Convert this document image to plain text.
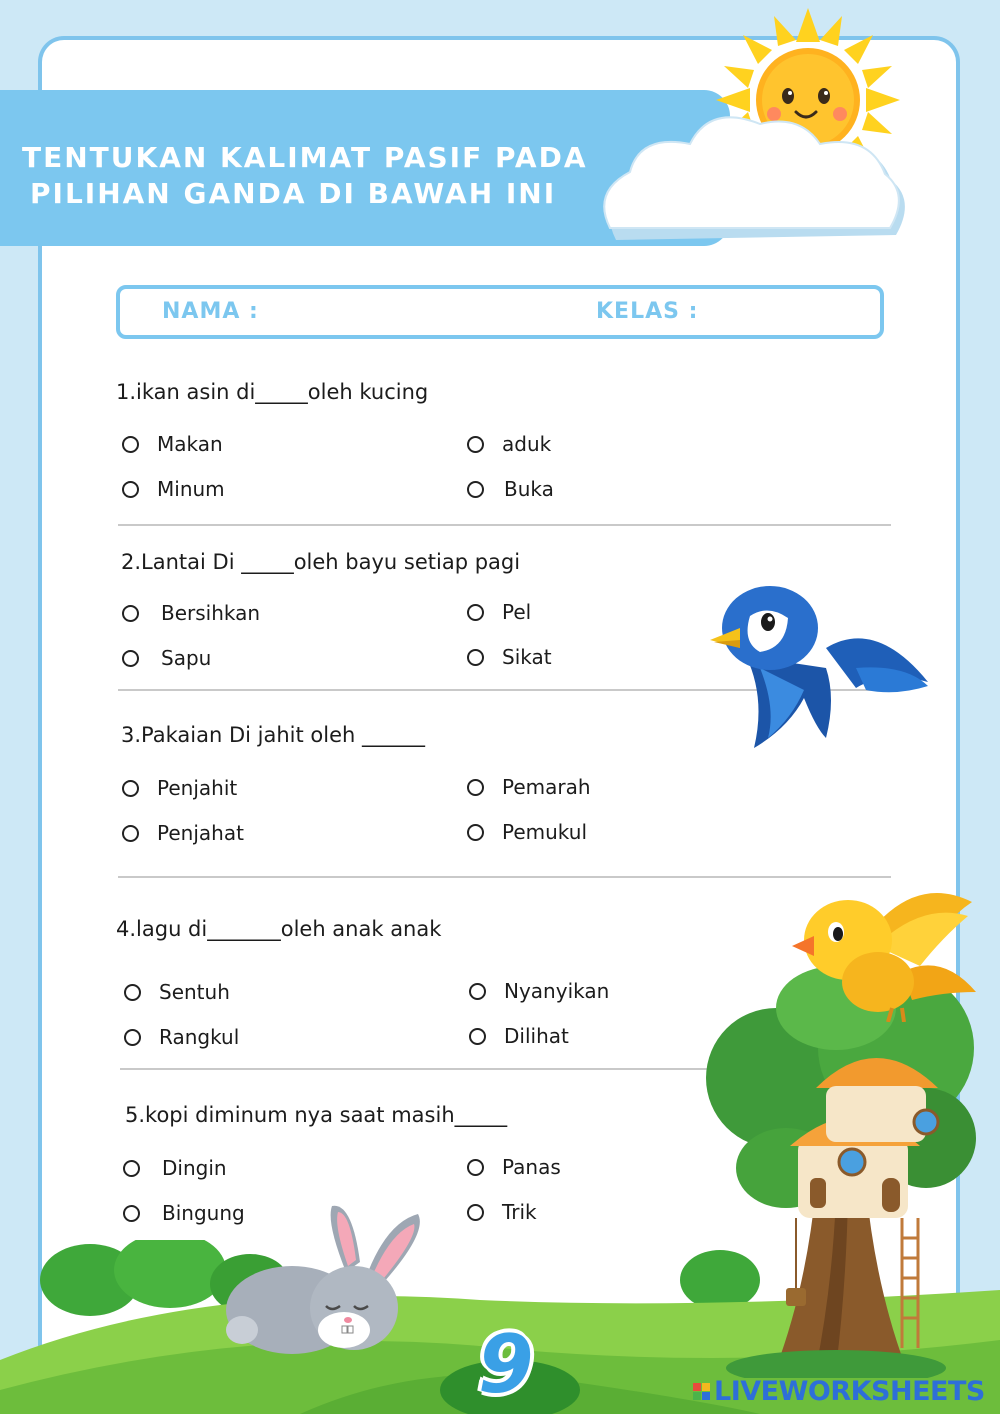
TENTUKAN KALIMAT PASIF PADA
PILIHAN GANDA DI BAWAH INI
NAMA :	KELAS :
1.ikan asin di_____oleh kucing
Makan	aduk
Minum	Buka
2.Lantai Di _____oleh bayu setiap pagi
Bersihkan	Pel
Sapu	Sikat
3.Pakaian Di jahit oleh ______
Penjahit	Pemarah
Penjahat	Pemukul
4.lagu di_______oleh anak anak
Sentuh	Nyanyikan
Rangkul	Dilihat
5.kopi diminum nya saat masih_____
Dingin	Panas
Bingung	Trik
9	LIVEWORKSHEETS
